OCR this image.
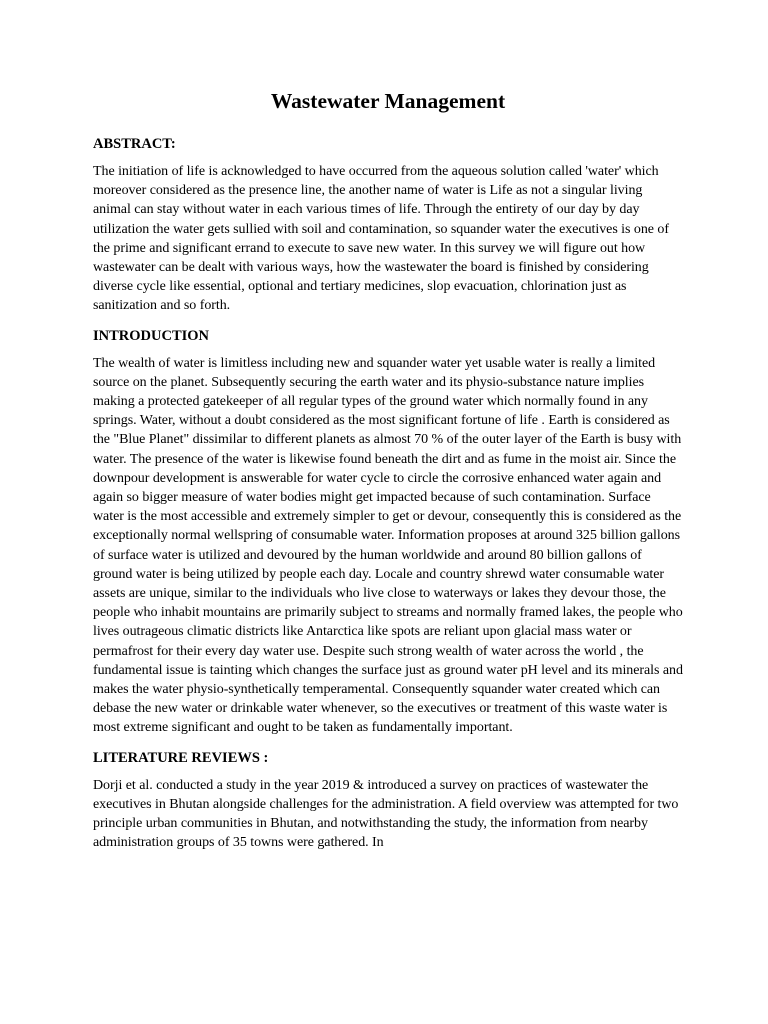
Wastewater Management
ABSTRACT:

The initiation of life is acknowledged to have occurred from the aqueous solution called 'water' which moreover considered as the presence line, the another name of water is Life as not a singular living animal can stay without water in each various times of life. Through the entirety of our day by day utilization the water gets sullied with soil and contamination, so squander water the executives is one of the prime and significant errand to execute to save new water. In this survey we will figure out how wastewater can be dealt with various ways, how the wastewater the board is finished by considering diverse cycle like essential, optional and tertiary medicines, slop evacuation, chlorination just as sanitization and so forth.

INTRODUCTION

The wealth of water is limitless including new and squander water yet usable water is really a limited source on the planet. Subsequently securing the earth water and its physio-substance nature implies making a protected gatekeeper of all regular types of the ground water which normally found in any springs. Water, without a doubt considered as the most significant fortune of life . Earth is considered as the "Blue Planet" dissimilar to different planets as almost 70 % of the outer layer of the Earth is busy with water. The presence of the water is likewise found beneath the dirt and as fume in the moist air. Since the downpour development is answerable for water cycle to circle the corrosive enhanced water again and again so bigger measure of water bodies might get impacted because of such contamination. Surface water is the most accessible and extremely simpler to get or devour, consequently this is considered as the exceptionally normal wellspring of consumable water. Information proposes at around 325 billion gallons of surface water is utilized and devoured by the human worldwide and around 80 billion gallons of ground water is being utilized by people each day. Locale and country shrewd water consumable water assets are unique, similar to the individuals who live close to waterways or lakes they devour those, the people who inhabit mountains are primarily subject to streams and normally framed lakes, the people who lives outrageous climatic districts like Antarctica like spots are reliant upon glacial mass water or permafrost for their every day water use. Despite such strong wealth of water across the world , the fundamental issue is tainting which changes the surface just as ground water pH level and its minerals and makes the water physio-synthetically temperamental. Consequently squander water created which can debase the new water or drinkable water whenever, so the executives or treatment of this waste water is most extreme significant and ought to be taken as fundamentally important.

LITERATURE REVIEWS :

Dorji et al. conducted a study in the year 2019 & introduced a survey on practices of wastewater the executives in Bhutan alongside challenges for the administration. A field overview was attempted for two principle urban communities in Bhutan, and notwithstanding the study, the information from nearby administration groups of 35 towns were gathered. In
